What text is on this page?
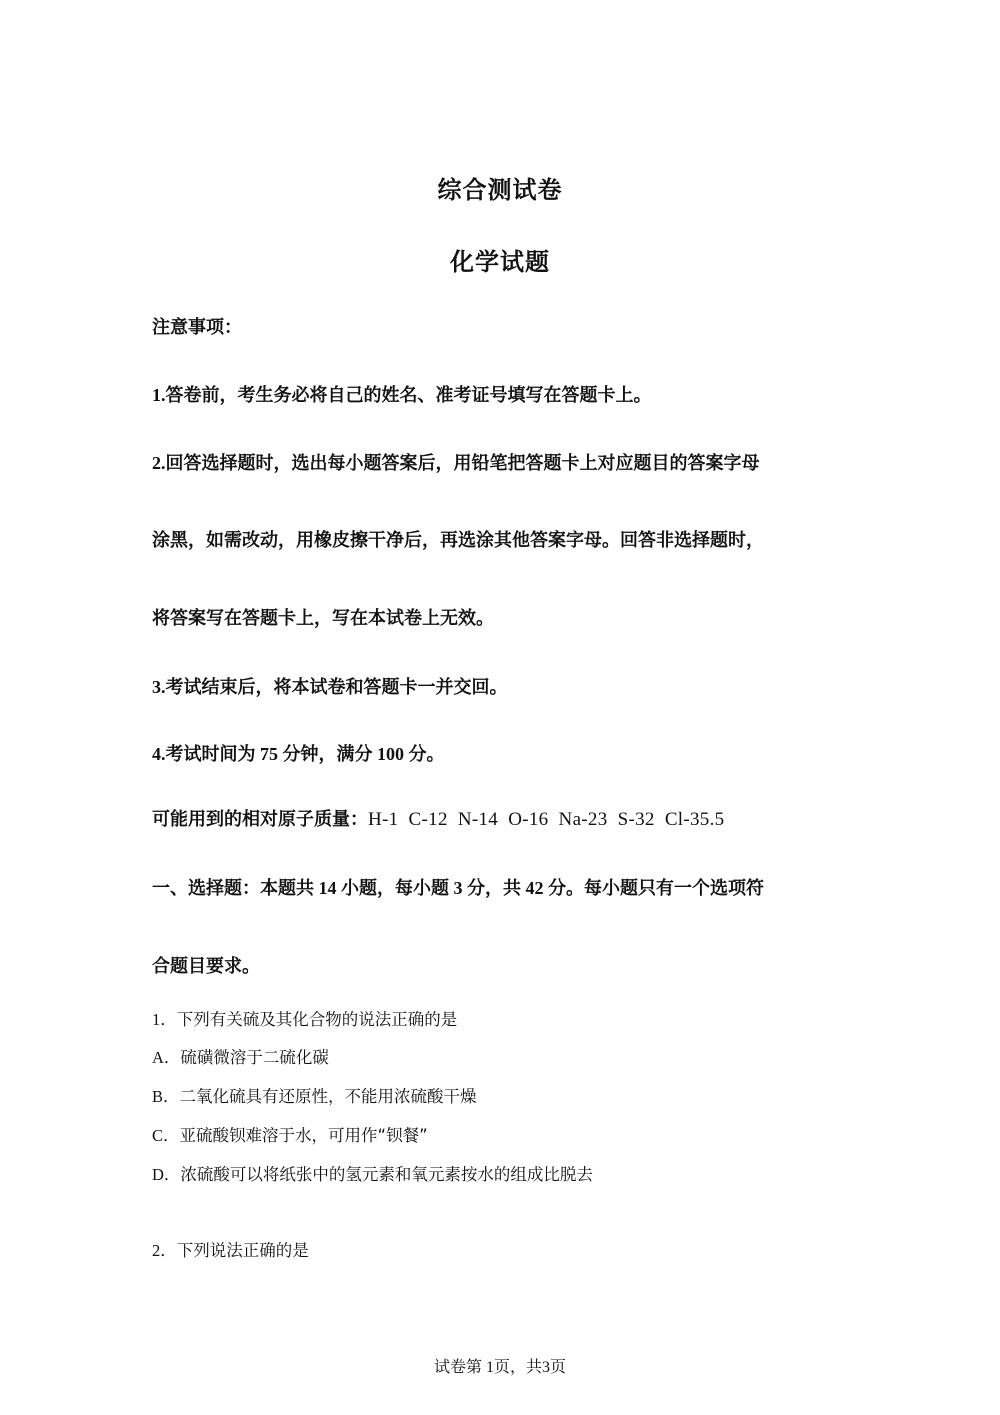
综合测试卷
化学试题
注意事项：
1.答卷前，考生务必将自己的姓名、准考证号填写在答题卡上。
2.回答选择题时，选出每小题答案后，用铅笔把答题卡上对应题目的答案字母
涂黑，如需改动，用橡皮擦干净后，再选涂其他答案字母。回答非选择题时，
将答案写在答题卡上，写在本试卷上无效。
3.考试结束后，将本试卷和答题卡一并交回。
4.考试时间为 75 分钟，满分 100 分。
可能用到的相对原子质量：H-1  C-12  N-14  O-16  Na-23  S-32  Cl-35.5
一、选择题：本题共 14 小题，每小题 3 分，共 42 分。每小题只有一个选项符
合题目要求。
1．下列有关硫及其化合物的说法正确的是
A．硫磺微溶于二硫化碳
B．二氧化硫具有还原性，不能用浓硫酸干燥
C．亚硫酸钡难溶于水，可用作“钡餐”
D．浓硫酸可以将纸张中的氢元素和氧元素按水的组成比脱去
2．下列说法正确的是
试卷第 1页，共3页
